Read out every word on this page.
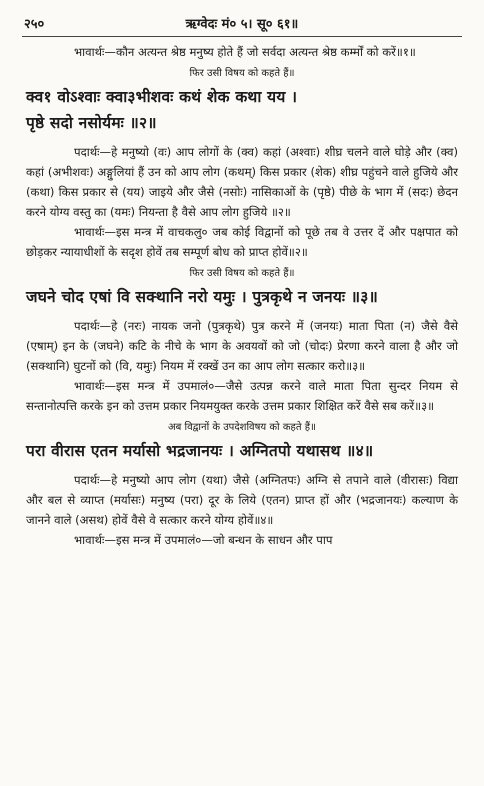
२५०	ऋग्वेदः मं० ५। सू० ६१॥

भावार्थः—कौन अत्यन्त श्रेष्ठ मनुष्य होते हैं जो सर्वदा अत्यन्त श्रेष्ठ कर्म्मों को करें॥१॥

फिर उसी विषय को कहते हैं॥

क्व१ वोऽश्वाः क्वा३भीशवः कथं शेक कथा यय ।

पृष्ठे सदो नसोर्यमः ॥२॥

पदार्थः—हे मनुष्यो (वः) आप लोगों के (क्व) कहां (अश्वाः) शीघ्र चलने वाले घोड़े और (क्व) कहां (अभीशवः) अङ्गुलियां हैं उन को आप लोग (कथम्) किस प्रकार (शेक) शीघ्र पहुंचने वाले हुजिये और (कथा) किस प्रकार से (यय) जाइये और जैसे (नसोः) नासिकाओं के (पृष्ठे) पीछे के भाग में (सदः) छेदन करने योग्य वस्तु का (यमः) नियन्ता है वैसे आप लोग हुजिये ॥२॥

भावार्थः—इस मन्त्र में वाचकलु० जब कोई विद्वानों को पूछे तब वे उत्तर दें और पक्षपात को छोड़कर न्यायाधीशों के सदृश होवें तब सम्पूर्ण बोध को प्राप्त होवें॥२॥

फिर उसी विषय को कहते हैं॥

जघने चोद एषां वि सक्थानि नरो यमुः । पुत्रकृथे न जनयः ॥३॥

पदार्थः—हे (नरः) नायक जनो (पुत्रकृथे) पुत्र करने में (जनयः) माता पिता (न) जैसे वैसे (एषाम्) इन के (जघने) कटि के नीचे के भाग के अवयवों को जो (चोदः) प्रेरणा करने वाला है और जो (सक्थानि) घुटनों को (वि, यमुः) नियम में रक्खें उन का आप लोग सत्कार करो॥३॥

भावार्थः—इस मन्त्र में उपमालं०—जैसे उत्पन्न करने वाले माता पिता सुन्दर नियम से सन्तानोत्पत्ति करके इन को उत्तम प्रकार नियमयुक्त करके उत्तम प्रकार शिक्षित करें वैसे सब करें॥३॥

अब विद्वानों के उपदेशविषय को कहते हैं॥

परा वीरास एतन मर्यासो भद्रजानयः । अग्नितपो यथासथ ॥४॥

पदार्थः—हे मनुष्यो आप लोग (यथा) जैसे (अग्नितपः) अग्नि से तपाने वाले (वीरासः) विद्या और बल से व्याप्त (मर्यासः) मनुष्य (परा) दूर के लिये (एतन) प्राप्त हों और (भद्रजानयः) कल्याण के जानने वाले (असथ) होवें वैसे वे सत्कार करने योग्य होवें॥४॥

भावार्थः—इस मन्त्र में उपमालं०—जो बन्धन के साधन और पाप
